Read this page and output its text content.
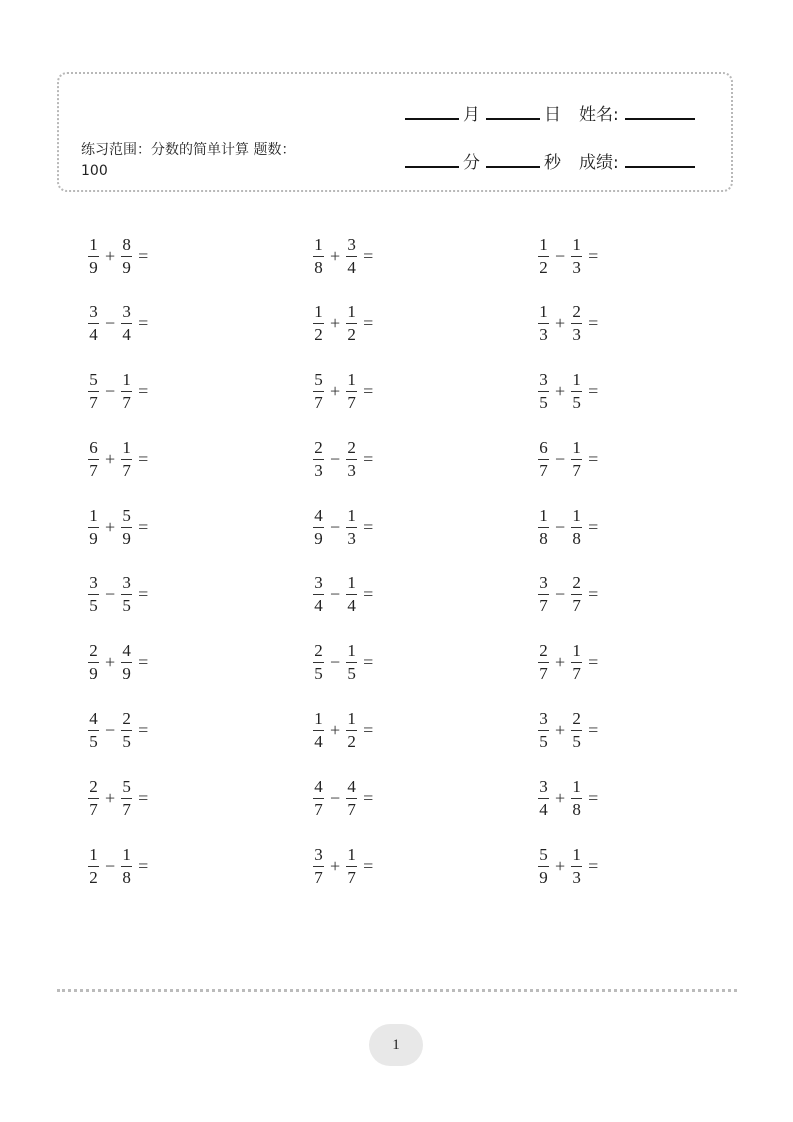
练习范围：分数的简单计算 题数：100
月	日 姓名:
分	秒 成绩:
$\frac{1}{9} + \frac{8}{9}$ =	$\frac{1}{8} + \frac{3}{4}$ =	$\frac{1}{2} - \frac{1}{3}$ =
$\frac{3}{4} - \frac{3}{4}$ =	$\frac{1}{2} + \frac{1}{2}$ =	$\frac{1}{3} + \frac{2}{3}$ =
$\frac{5}{7} - \frac{1}{7}$ =	$\frac{5}{7} + \frac{1}{7}$ =	$\frac{3}{5} + \frac{1}{5}$ =
$\frac{6}{7} + \frac{1}{7}$ =	$\frac{2}{3} - \frac{2}{3}$ =	$\frac{6}{7} - \frac{1}{7}$ =
$\frac{1}{9} + \frac{5}{9}$ =	$\frac{4}{9} - \frac{1}{3}$ =	$\frac{1}{8} - \frac{1}{8}$ =
$\frac{3}{5} - \frac{3}{5}$ =	$\frac{3}{4} - \frac{1}{4}$ =	$\frac{3}{7} - \frac{2}{7}$ =
$\frac{2}{9} + \frac{4}{9}$ =	$\frac{2}{5} - \frac{1}{5}$ =	$\frac{2}{7} + \frac{1}{7}$ =
$\frac{4}{5} - \frac{2}{5}$ =	$\frac{1}{4} + \frac{1}{2}$ =	$\frac{3}{5} + \frac{2}{5}$ =
$\frac{2}{7} + \frac{5}{7}$ =	$\frac{4}{7} - \frac{4}{7}$ =	$\frac{3}{4} + \frac{1}{8}$ =
$\frac{1}{2} - \frac{1}{8}$ =	$\frac{3}{7} + \frac{1}{7}$ =	$\frac{5}{9} + \frac{1}{3}$ =
1
